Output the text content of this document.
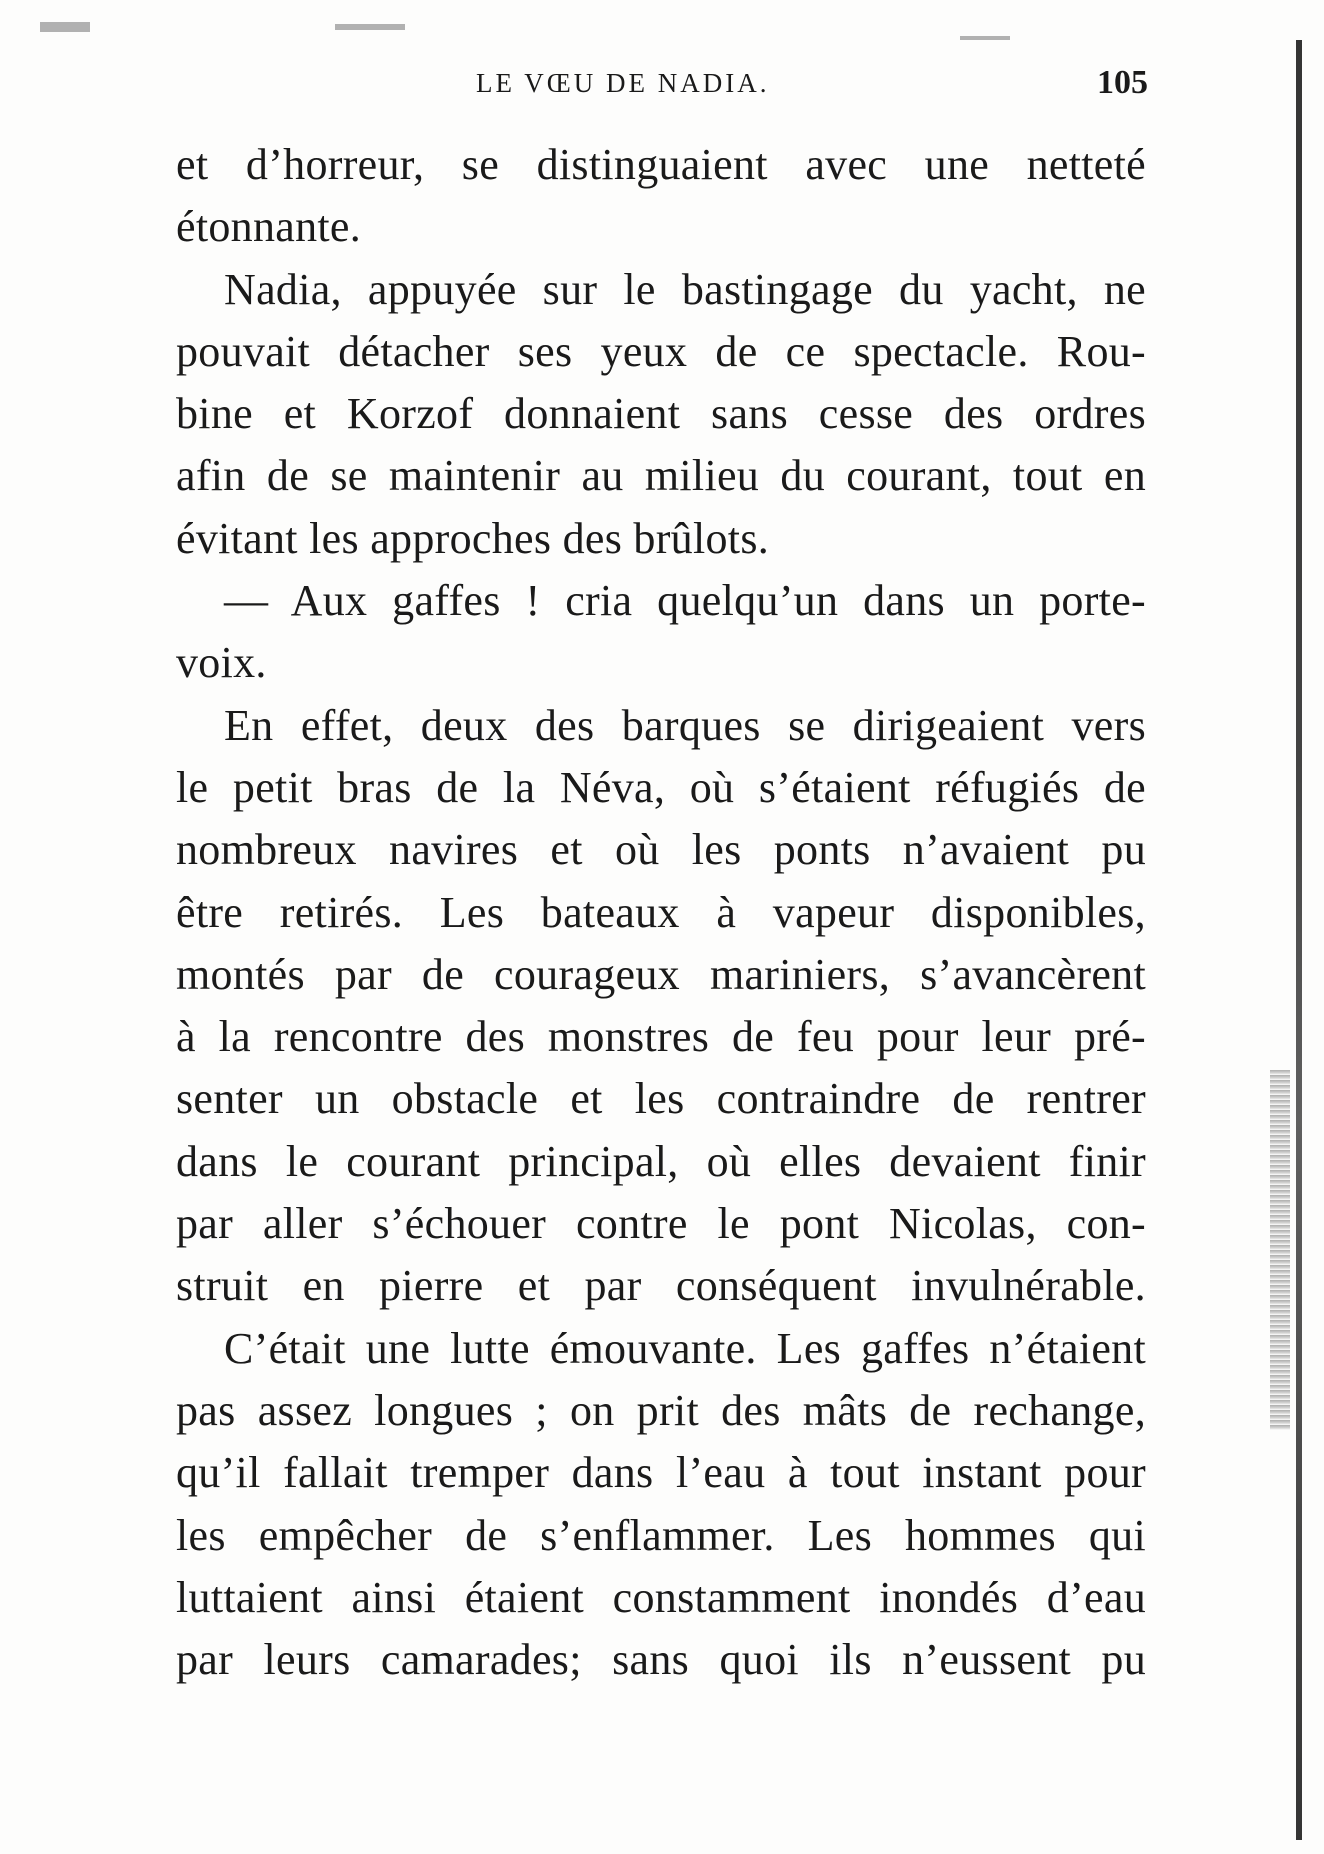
LE VŒU DE NADIA.	105

et d’horreur, se distinguaient avec une netteté

étonnante.

Nadia, appuyée sur le bastingage du yacht, ne

pouvait détacher ses yeux de ce spectacle. Rou-

bine et Korzof donnaient sans cesse des ordres

afin de se maintenir au milieu du courant, tout en

évitant les approches des brûlots.

— Aux gaffes ! cria quelqu’un dans un porte-

voix.

En effet, deux des barques se dirigeaient vers

le petit bras de la Néva, où s’étaient réfugiés de

nombreux navires et où les ponts n’avaient pu

être retirés. Les bateaux à vapeur disponibles,

montés par de courageux mariniers, s’avancèrent

à la rencontre des monstres de feu pour leur pré-

senter un obstacle et les contraindre de rentrer

dans le courant principal, où elles devaient finir

par aller s’échouer contre le pont Nicolas, con-

struit en pierre et par conséquent invulnérable.

C’était une lutte émouvante. Les gaffes n’étaient

pas assez longues ; on prit des mâts de rechange,

qu’il fallait tremper dans l’eau à tout instant pour

les empêcher de s’enflammer. Les hommes qui

luttaient ainsi étaient constamment inondés d’eau

par leurs camarades; sans quoi ils n’eussent pu
